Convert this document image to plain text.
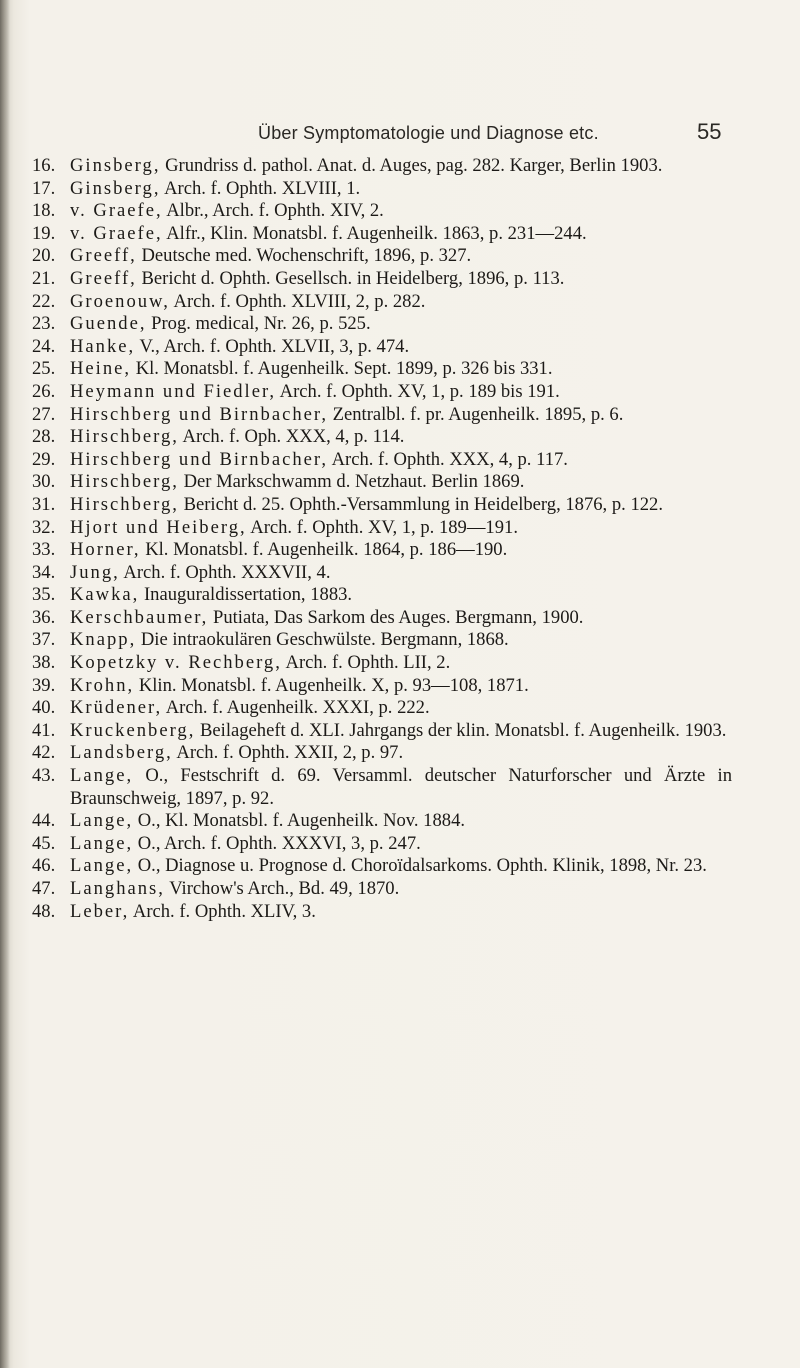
Über Symptomatologie und Diagnose etc.	55
16. Ginsberg, Grundriss d. pathol. Anat. d. Auges, pag. 282. Karger, Berlin 1903.
17. Ginsberg, Arch. f. Ophth. XLVIII, 1.
18. v. Graefe, Albr., Arch. f. Ophth. XIV, 2.
19. v. Graefe, Alfr., Klin. Monatsbl. f. Augenheilk. 1863, p. 231—244.
20. Greeff, Deutsche med. Wochenschrift, 1896, p. 327.
21. Greeff, Bericht d. Ophth. Gesellsch. in Heidelberg, 1896, p. 113.
22. Groenouw, Arch. f. Ophth. XLVIII, 2, p. 282.
23. Guende, Prog. medical, Nr. 26, p. 525.
24. Hanke, V., Arch. f. Ophth. XLVII, 3, p. 474.
25. Heine, Kl. Monatsbl. f. Augenheilk. Sept. 1899, p. 326 bis 331.
26. Heymann und Fiedler, Arch. f. Ophth. XV, 1, p. 189 bis 191.
27. Hirschberg und Birnbacher, Zentralbl. f. pr. Augenheilk. 1895, p. 6.
28. Hirschberg, Arch. f. Oph. XXX, 4, p. 114.
29. Hirschberg und Birnbacher, Arch. f. Ophth. XXX, 4, p. 117.
30. Hirschberg, Der Markschwamm d. Netzhaut. Berlin 1869.
31. Hirschberg, Bericht d. 25. Ophth.-Versammlung in Heidelberg, 1876, p. 122.
32. Hjort und Heiberg, Arch. f. Ophth. XV, 1, p. 189—191.
33. Horner, Kl. Monatsbl. f. Augenheilk. 1864, p. 186—190.
34. Jung, Arch. f. Ophth. XXXVII, 4.
35. Kawka, Inauguraldissertation, 1883.
36. Kerschbaumer, Putiata, Das Sarkom des Auges. Bergmann, 1900.
37. Knapp, Die intraokulären Geschwülste. Bergmann, 1868.
38. Kopetzky v. Rechberg, Arch. f. Ophth. LII, 2.
39. Krohn, Klin. Monatsbl. f. Augenheilk. X, p. 93—108, 1871.
40. Krüdener, Arch. f. Augenheilk. XXXI, p. 222.
41. Kruckenberg, Beilageheft d. XLI. Jahrgangs der klin. Monatsbl. f. Augenheilk. 1903.
42. Landsberg, Arch. f. Ophth. XXII, 2, p. 97.
43. Lange, O., Festschrift d. 69. Versamml. deutscher Naturforscher und Ärzte in Braunschweig, 1897, p. 92.
44. Lange, O., Kl. Monatsbl. f. Augenheilk. Nov. 1884.
45. Lange, O., Arch. f. Ophth. XXXVI, 3, p. 247.
46. Lange, O., Diagnose u. Prognose d. Choroïdalsarkoms. Ophth. Klinik, 1898, Nr. 23.
47. Langhans, Virchow's Arch., Bd. 49, 1870.
48. Leber, Arch. f. Ophth. XLIV, 3.
